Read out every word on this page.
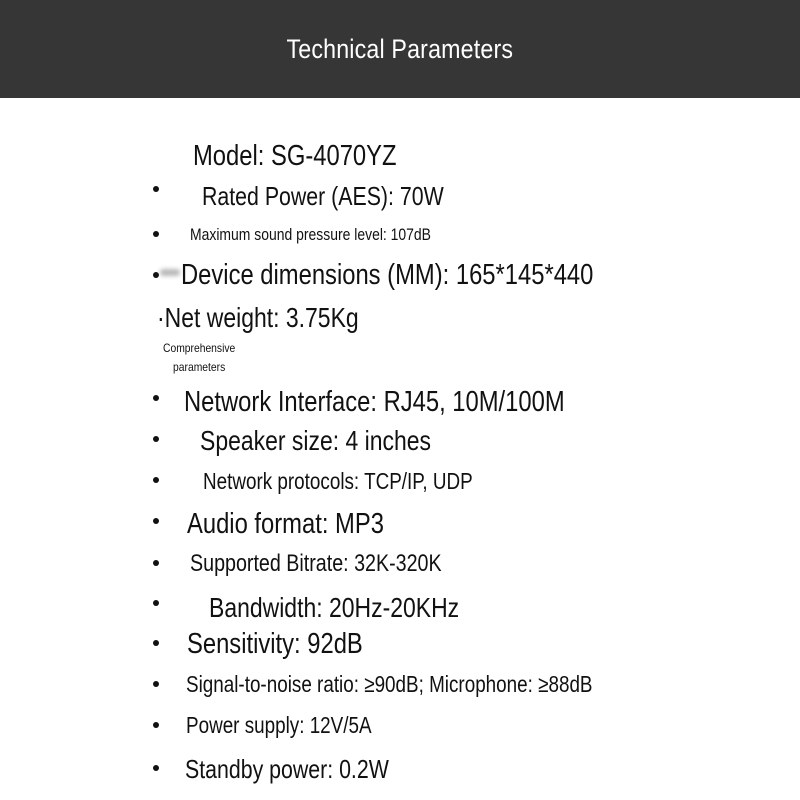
Technical Parameters
Model: SG-4070YZ
Rated Power (AES): 70W
Maximum sound pressure level: 107dB
Device dimensions (MM): 165*145*440
·Net weight: 3.75Kg
Comprehensive
parameters
Network Interface: RJ45, 10M/100M
Speaker size: 4 inches
Network protocols: TCP/IP, UDP
Audio format: MP3
Supported Bitrate: 32K-320K
Bandwidth: 20Hz-20KHz
Sensitivity: 92dB
Signal-to-noise ratio: ≥90dB; Microphone: ≥88dB
Power supply: 12V/5A
Standby power: 0.2W
